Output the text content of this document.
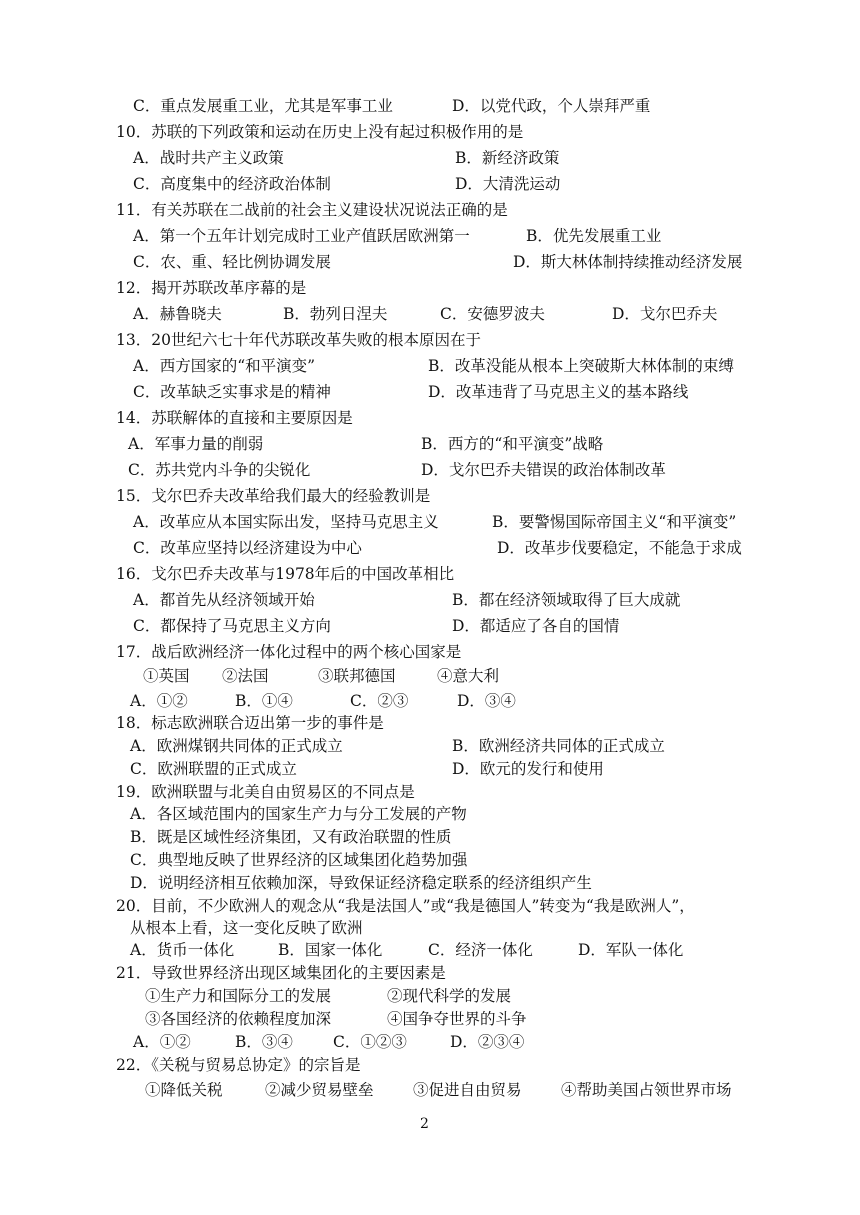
C．重点发展重工业，尤其是军事工业	D．以党代政，个人崇拜严重
10．苏联的下列政策和运动在历史上没有起过积极作用的是
A．战时共产主义政策	B．新经济政策
C．高度集中的经济政治体制	D．大清洗运动
11．有关苏联在二战前的社会主义建设状况说法正确的是
A．第一个五年计划完成时工业产值跃居欧洲第一	B．优先发展重工业
C．农、重、轻比例协调发展	D．斯大林体制持续推动经济发展
12．揭开苏联改革序幕的是
A．赫鲁晓夫	B．勃列日涅夫	C．安德罗波夫	D．戈尔巴乔夫
13．20世纪六七十年代苏联改革失败的根本原因在于
A．西方国家的“和平演变”	B．改革没能从根本上突破斯大林体制的束缚
C．改革缺乏实事求是的精神	D．改革违背了马克思主义的基本路线
14．苏联解体的直接和主要原因是
A．军事力量的削弱	B．西方的“和平演变”战略
C．苏共党内斗争的尖锐化	D．戈尔巴乔夫错误的政治体制改革
15．戈尔巴乔夫改革给我们最大的经验教训是
A．改革应从本国实际出发，坚持马克思主义	B．要警惕国际帝国主义“和平演变”
C．改革应坚持以经济建设为中心	D．改革步伐要稳定，不能急于求成
16．戈尔巴乔夫改革与1978年后的中国改革相比
A．都首先从经济领域开始	B．都在经济领域取得了巨大成就
C．都保持了马克思主义方向	D．都适应了各自的国情
17．战后欧洲经济一体化过程中的两个核心国家是
①英国 ②法国	③联邦德国	④意大利
A．①②	B．①④	C．②③	D．③④
18．标志欧洲联合迈出第一步的事件是
A．欧洲煤钢共同体的正式成立	B．欧洲经济共同体的正式成立
C．欧洲联盟的正式成立	D．欧元的发行和使用
19．欧洲联盟与北美自由贸易区的不同点是
A．各区域范围内的国家生产力与分工发展的产物
B．既是区域性经济集团，又有政治联盟的性质
C．典型地反映了世界经济的区域集团化趋势加强
D．说明经济相互依赖加深，导致保证经济稳定联系的经济组织产生
20．目前，不少欧洲人的观念从“我是法国人”或“我是德国人”转变为“我是欧洲人”，
从根本上看，这一变化反映了欧洲
A．货币一体化	B．国家一体化	C．经济一体化	D．军队一体化
21．导致世界经济出现区域集团化的主要因素是
①生产力和国际分工的发展	②现代科学的发展
③各国经济的依赖程度加深	④国争夺世界的斗争
A．①②	B．③④	C．①②③	D．②③④
22．《关税与贸易总协定》的宗旨是
①降低关税	②减少贸易壁垒	③促进自由贸易	④帮助美国占领世界市场
2
